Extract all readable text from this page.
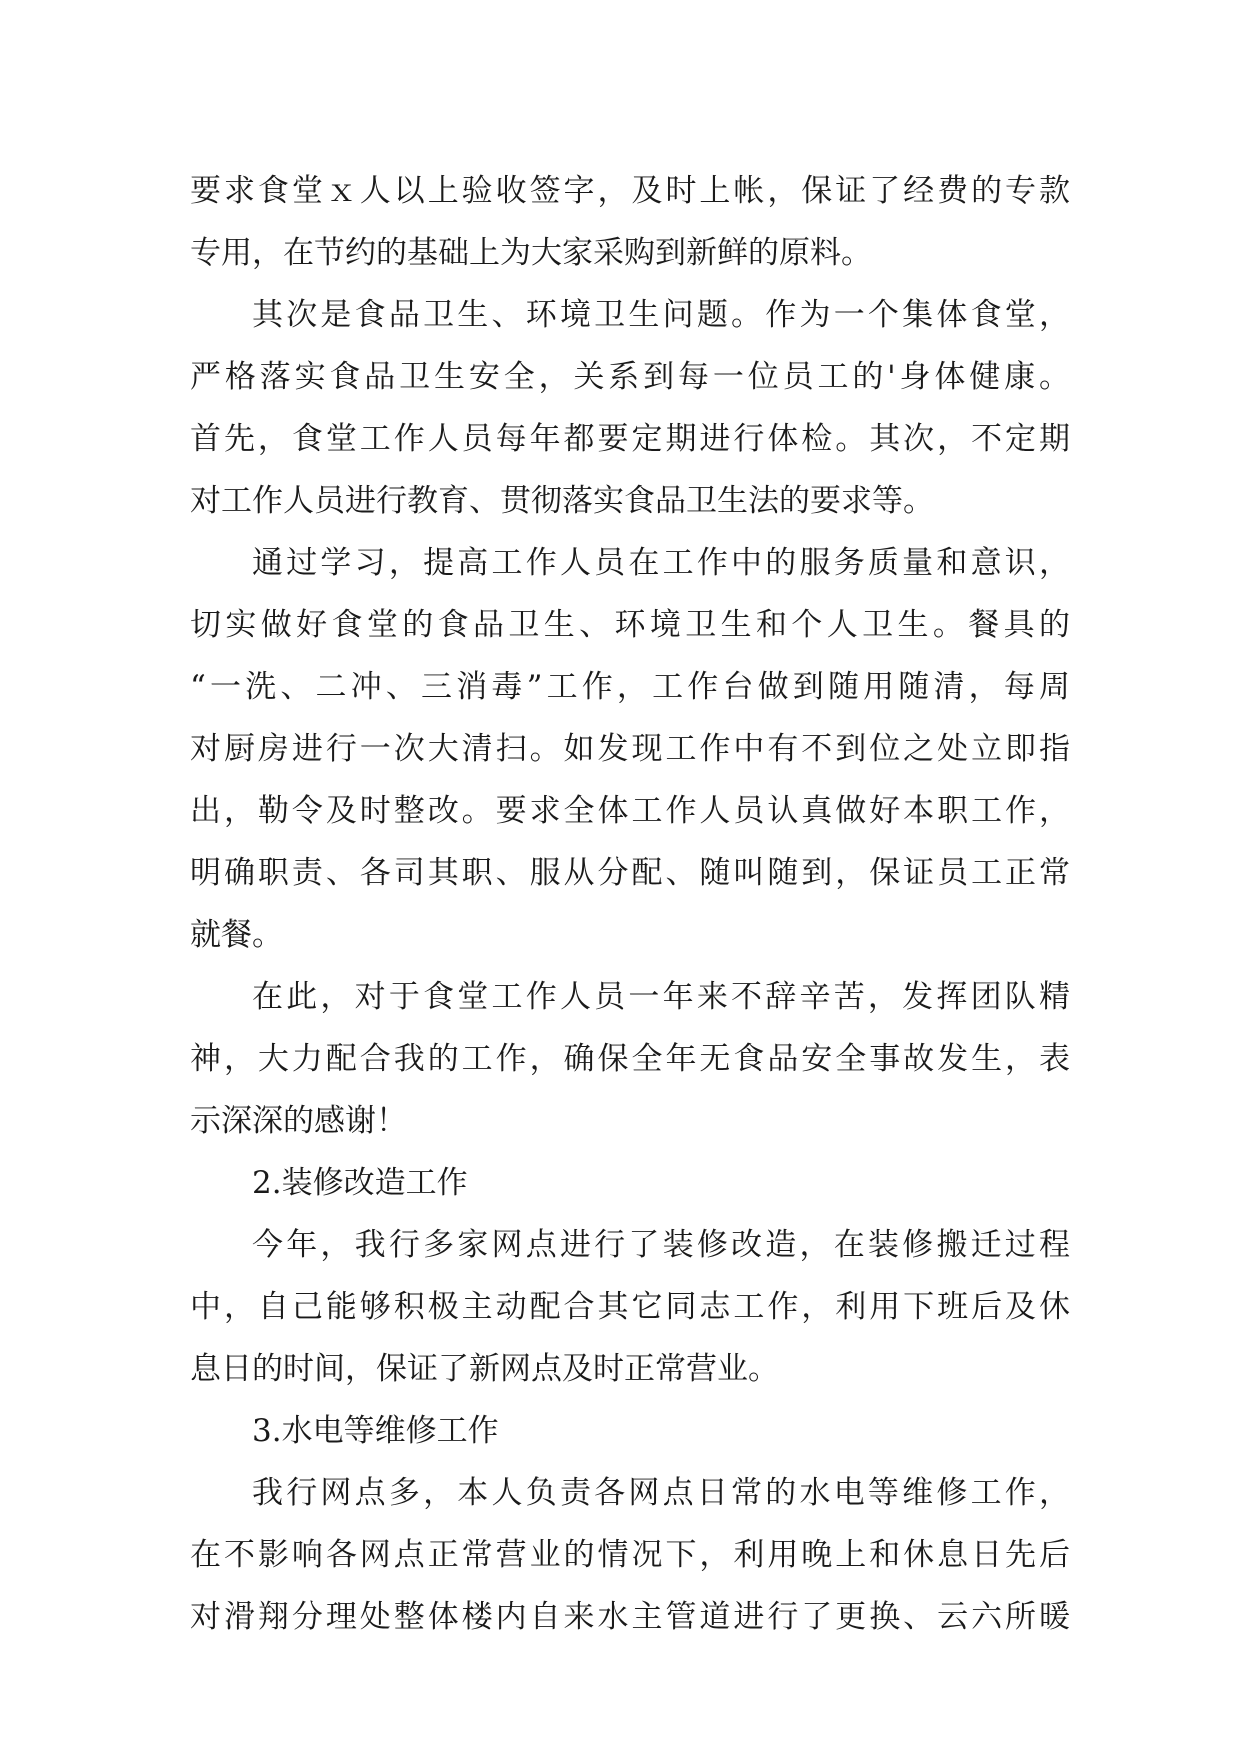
要求食堂ｘ人以上验收签字，及时上帐，保证了经费的专款
专用，在节约的基础上为大家采购到新鲜的原料。
其次是食品卫生、环境卫生问题。作为一个集体食堂，
严格落实食品卫生安全，关系到每一位员工的'身体健康。
首先，食堂工作人员每年都要定期进行体检。其次，不定期
对工作人员进行教育、贯彻落实食品卫生法的要求等。
通过学习，提高工作人员在工作中的服务质量和意识，
切实做好食堂的食品卫生、环境卫生和个人卫生。餐具的
“一洗、二冲、三消毒”工作，工作台做到随用随清，每周
对厨房进行一次大清扫。如发现工作中有不到位之处立即指
出，勒令及时整改。要求全体工作人员认真做好本职工作，
明确职责、各司其职、服从分配、随叫随到，保证员工正常
就餐。
在此，对于食堂工作人员一年来不辞辛苦，发挥团队精
神，大力配合我的工作，确保全年无食品安全事故发生，表
示深深的感谢！
2.装修改造工作
今年，我行多家网点进行了装修改造，在装修搬迁过程
中，自己能够积极主动配合其它同志工作，利用下班后及休
息日的时间，保证了新网点及时正常营业。
3.水电等维修工作
我行网点多，本人负责各网点日常的水电等维修工作，
在不影响各网点正常营业的情况下，利用晚上和休息日先后
对滑翔分理处整体楼内自来水主管道进行了更换、云六所暖
